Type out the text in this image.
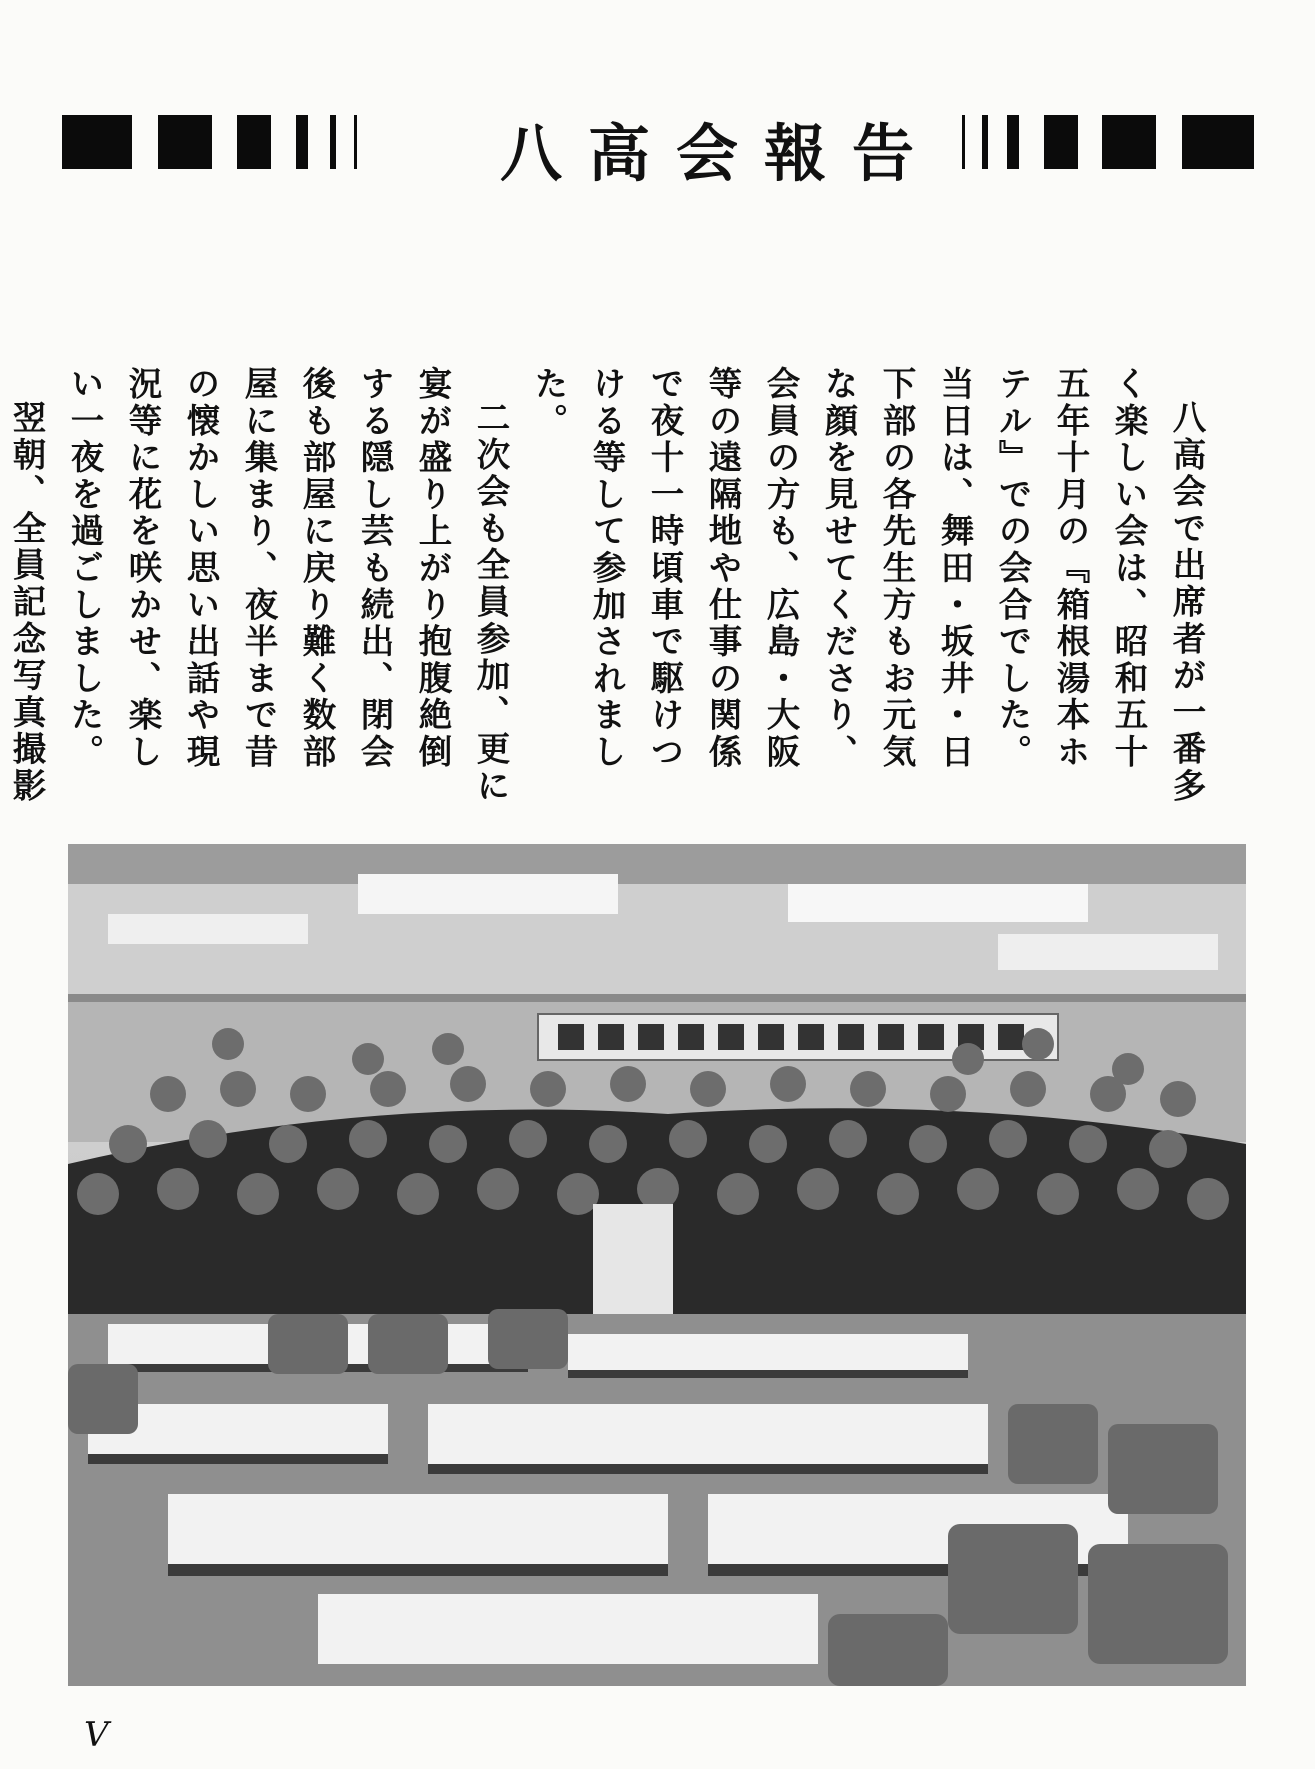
八高会報告

八高会で出席者が一番多く楽しい会は、昭和五十五年十月の『箱根湯本ホテル』での会合でした。当日は、舞田・坂井・日下部の各先生方もお元気な顔を見せてくださり、会員の方も、広島・大阪等の遠隔地や仕事の関係で夜十一時頃車で駆けつける等して参加されました。

二次会も全員参加、更に宴が盛り上がり抱腹絶倒する隠し芸も続出、閉会後も部屋に戻り難く数部屋に集まり、夜半まで昔の懐かしい思い出話や現況等に花を咲かせ、楽しい一夜を過ごしました。

翌朝、全員記念写真撮影

V
